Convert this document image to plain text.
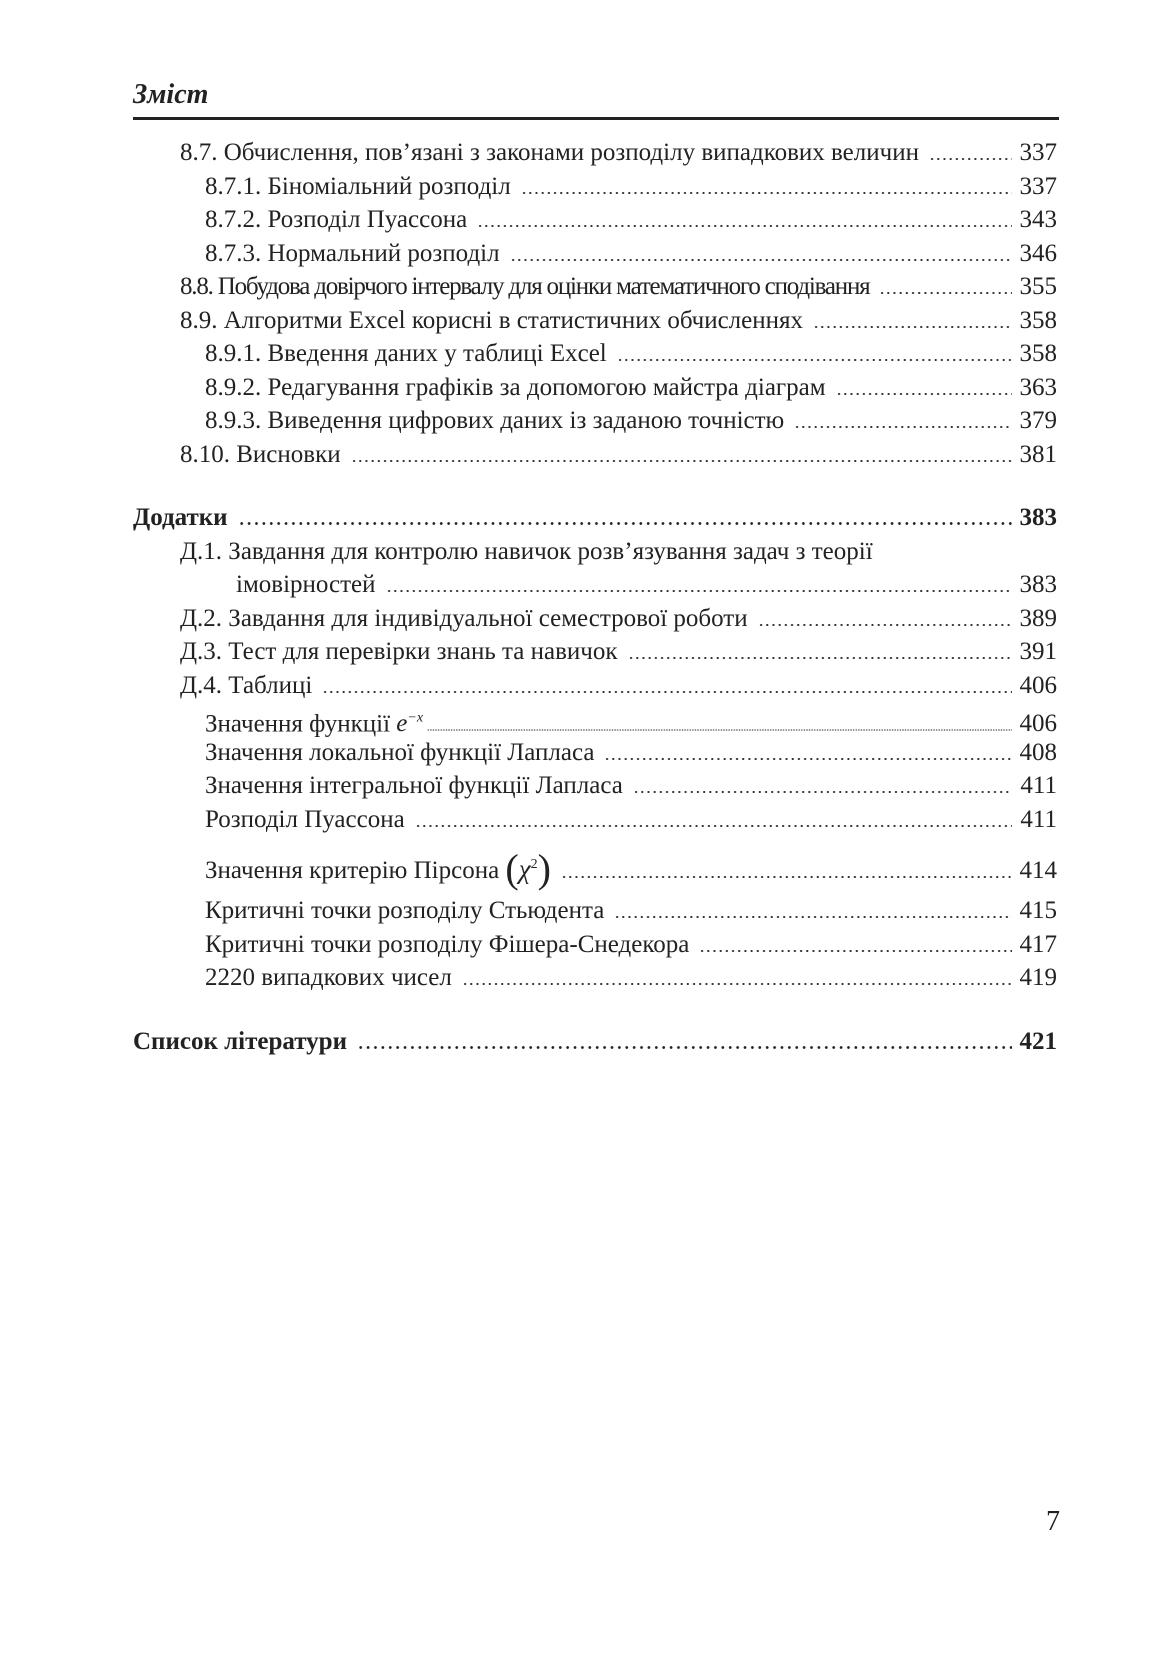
Зміст
8.7. Обчислення, пов’язані з законами розподілу випадкових величин	337
8.7.1. Біноміальний розподіл	337
8.7.2. Розподіл Пуассона	343
8.7.3. Нормальний розподіл	346
8.8. Побудова довірчого інтервалу для оцінки математичного сподівання	355
8.9. Алгоритми Excel корисні в статистичних обчисленнях	358
8.9.1. Введення даних у таблиці Excel	358
8.9.2. Редагування графіків за допомогою майстра діаграм	363
8.9.3. Виведення цифрових даних із заданою точністю	379
8.10. Висновки	381
Додатки	383
Д.1. Завдання для контролю навичок розв’язування задач з теорії
імовірностей	383
Д.2. Завдання для індивідуальної семестрової роботи	389
Д.3. Тест для перевірки знань та навичок	391
Д.4. Таблиці	406
Значення функції $e^{-x}$	406
Значення локальної функції Лапласа	408
Значення інтегральної функції Лапласа	411
Розподіл Пуассона	411
Значення критерію Пірсона $(\chi^2)$	414
Критичні точки розподілу Стьюдента	415
Критичні точки розподілу Фішера-Снедекора	417
2220 випадкових чисел	419
Список літератури	421
7
